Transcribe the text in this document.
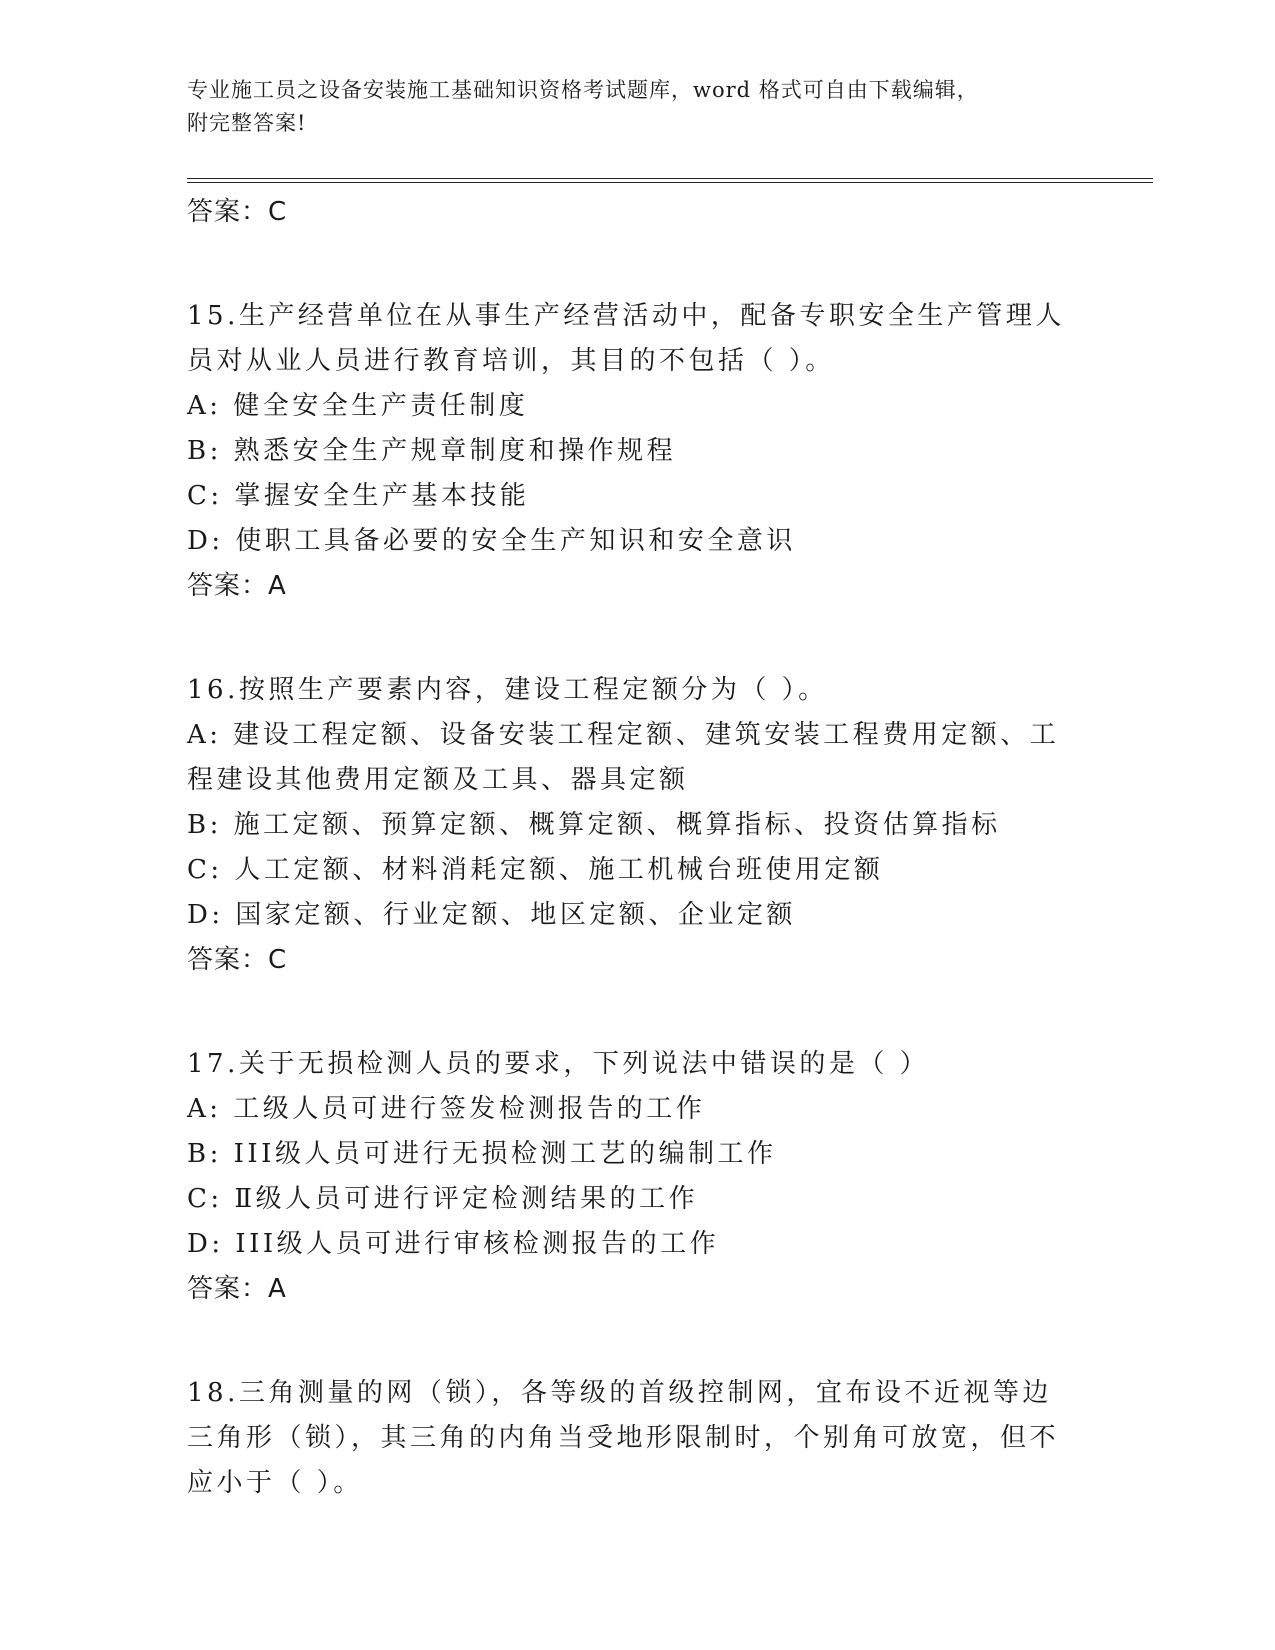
专业施工员之设备安装施工基础知识资格考试题库，word 格式可自由下载编辑，
附完整答案!
答案：C
15.生产经营单位在从事生产经营活动中，配备专职安全生产管理人员对从业人员进行教育培训，其目的不包括（ ）。
A: 健全安全生产责任制度
B: 熟悉安全生产规章制度和操作规程
C: 掌握安全生产基本技能
D: 使职工具备必要的安全生产知识和安全意识
答案：A
16.按照生产要素内容，建设工程定额分为（ ）。
A: 建设工程定额、设备安装工程定额、建筑安装工程费用定额、工程建设其他费用定额及工具、器具定额
B: 施工定额、预算定额、概算定额、概算指标、投资估算指标
C: 人工定额、材料消耗定额、施工机械台班使用定额
D: 国家定额、行业定额、地区定额、企业定额
答案：C
17.关于无损检测人员的要求，下列说法中错误的是（ ）
A: 工级人员可进行签发检测报告的工作
B: III级人员可进行无损检测工艺的编制工作
C: Ⅱ级人员可进行评定检测结果的工作
D: III级人员可进行审核检测报告的工作
答案：A
18.三角测量的网（锁），各等级的首级控制网，宜布设不近视等边三角形（锁），其三角的内角当受地形限制时，个别角可放宽，但不应小于（ ）。
